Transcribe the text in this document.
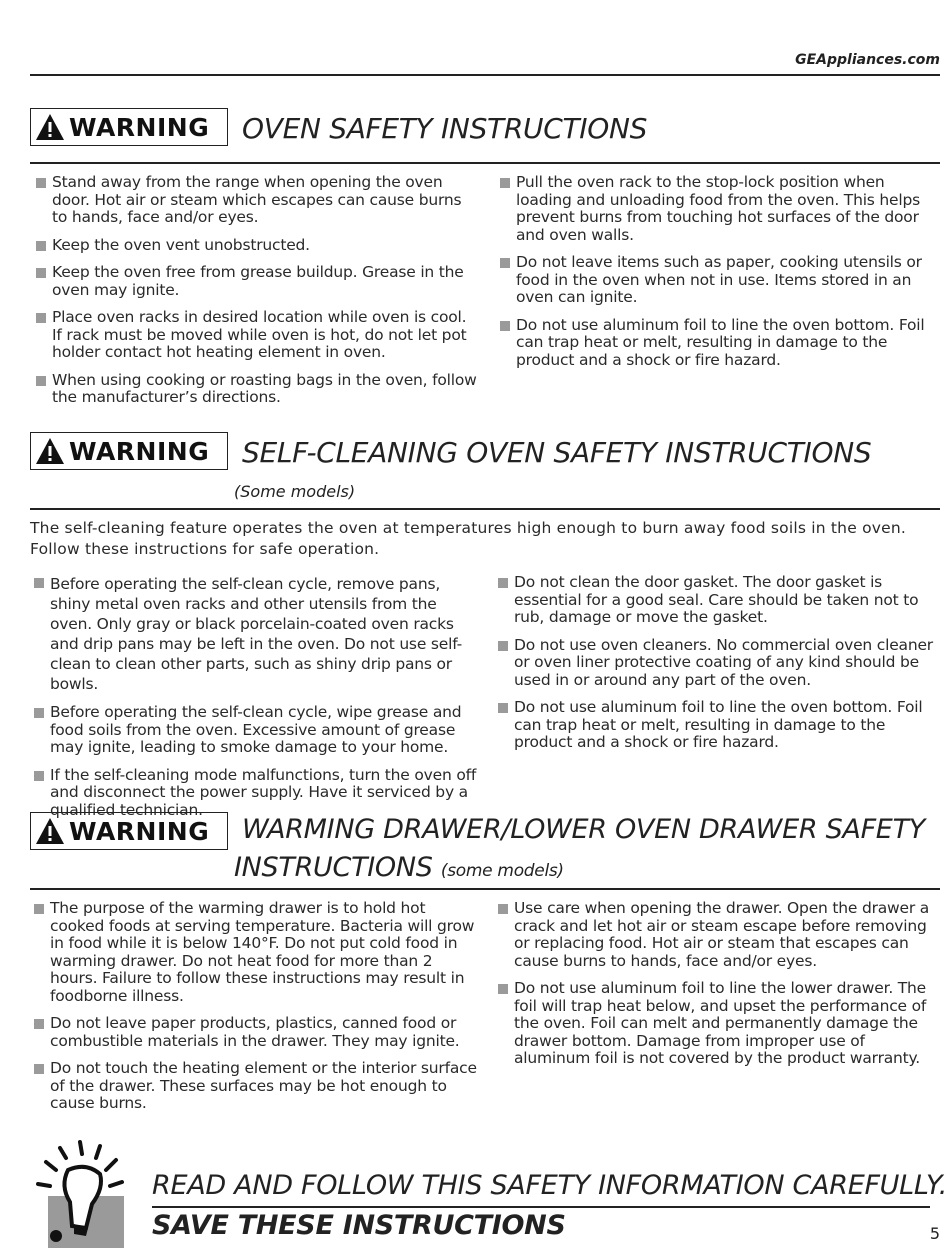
GEAppliances.com
WARNING OVEN SAFETY INSTRUCTIONS
Stand away from the range when opening the oven door. Hot air or steam which escapes can cause burns to hands, face and/or eyes.
Keep the oven vent unobstructed.
Keep the oven free from grease buildup. Grease in the oven may ignite.
Place oven racks in desired location while oven is cool. If rack must be moved while oven is hot, do not let pot holder contact hot heating element in oven.
When using cooking or roasting bags in the oven, follow the manufacturer’s directions.
Pull the oven rack to the stop-lock position when loading and unloading food from the oven. This helps prevent burns from touching hot surfaces of the door and oven walls.
Do not leave items such as paper, cooking utensils or food in the oven when not in use. Items stored in an oven can ignite.
Do not use aluminum foil to line the oven bottom. Foil can trap heat or melt, resulting in damage to the product and a shock or fire hazard.
WARNING SELF-CLEANING OVEN SAFETY INSTRUCTIONS
(Some models)
The self-cleaning feature operates the oven at temperatures high enough to burn away food soils in the oven. Follow these instructions for safe operation.
Before operating the self-clean cycle, remove pans, shiny metal oven racks and other utensils from the oven. Only gray or black porcelain-coated oven racks and drip pans may be left in the oven. Do not use self-clean to clean other parts, such as shiny drip pans or bowls.
Before operating the self-clean cycle, wipe grease and food soils from the oven. Excessive amount of grease may ignite, leading to smoke damage to your home.
If the self-cleaning mode malfunctions, turn the oven off and disconnect the power supply. Have it serviced by a qualified technician.
Do not clean the door gasket. The door gasket is essential for a good seal. Care should be taken not to rub, damage or move the gasket.
Do not use oven cleaners. No commercial oven cleaner or oven liner protective coating of any kind should be used in or around any part of the oven.
Do not use aluminum foil to line the oven bottom. Foil can trap heat or melt, resulting in damage to the product and a shock or fire hazard.
WARNING WARMING DRAWER/LOWER OVEN DRAWER SAFETY
INSTRUCTIONS (some models)
The purpose of the warming drawer is to hold hot cooked foods at serving temperature. Bacteria will grow in food while it is below 140°F. Do not put cold food in warming drawer. Do not heat food for more than 2 hours. Failure to follow these instructions may result in foodborne illness.
Do not leave paper products, plastics, canned food or combustible materials in the drawer. They may ignite.
Do not touch the heating element or the interior surface of the drawer. These surfaces may be hot enough to cause burns.
Use care when opening the drawer. Open the drawer a crack and let hot air or steam escape before removing or replacing food. Hot air or steam that escapes can cause burns to hands, face and/or eyes.
Do not use aluminum foil to line the lower drawer. The foil will trap heat below, and upset the performance of the oven. Foil can melt and permanently damage the drawer bottom. Damage from improper use of aluminum foil is not covered by the product warranty.
READ AND FOLLOW THIS SAFETY INFORMATION CAREFULLY.
SAVE THESE INSTRUCTIONS	5
